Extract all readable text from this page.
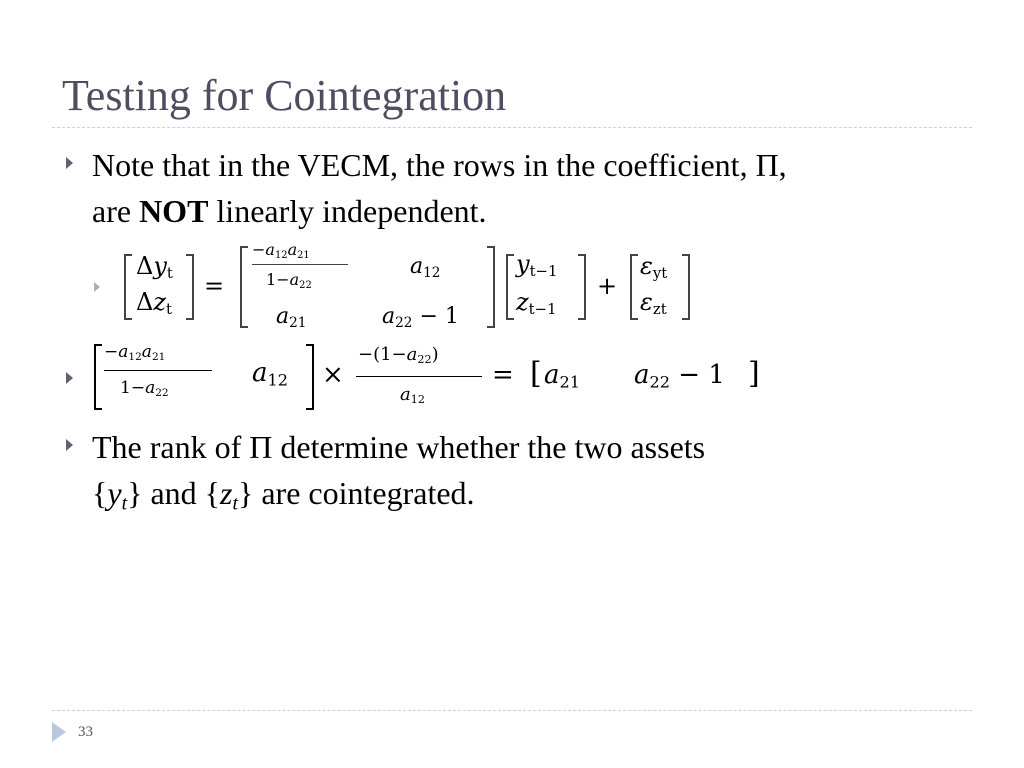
Testing for Cointegration
Note that in the VECM, the rows in the coefficient, Π,
are NOT linearly independent.
$\Delta y_t$
$\Delta z_t$
=
$-a_{12}a_{21}$
$1-a_{22}$
$a_{12}$
$a_{21}$	$a_{22} - 1$
$y_{t-1}$
$z_{t-1}$
+
$\varepsilon_{yt}$
$\varepsilon_{zt}$
$-a_{12}a_{21}$
$1-a_{22}$
$a_{12}$ ×
$-(1-a_{22})$
$a_{12}$
= [ $a_{21}$ $a_{22} - 1$ ]
The rank of Π determine whether the two assets
$\{y_t\}$ and $\{z_t\}$ are cointegrated.
33
